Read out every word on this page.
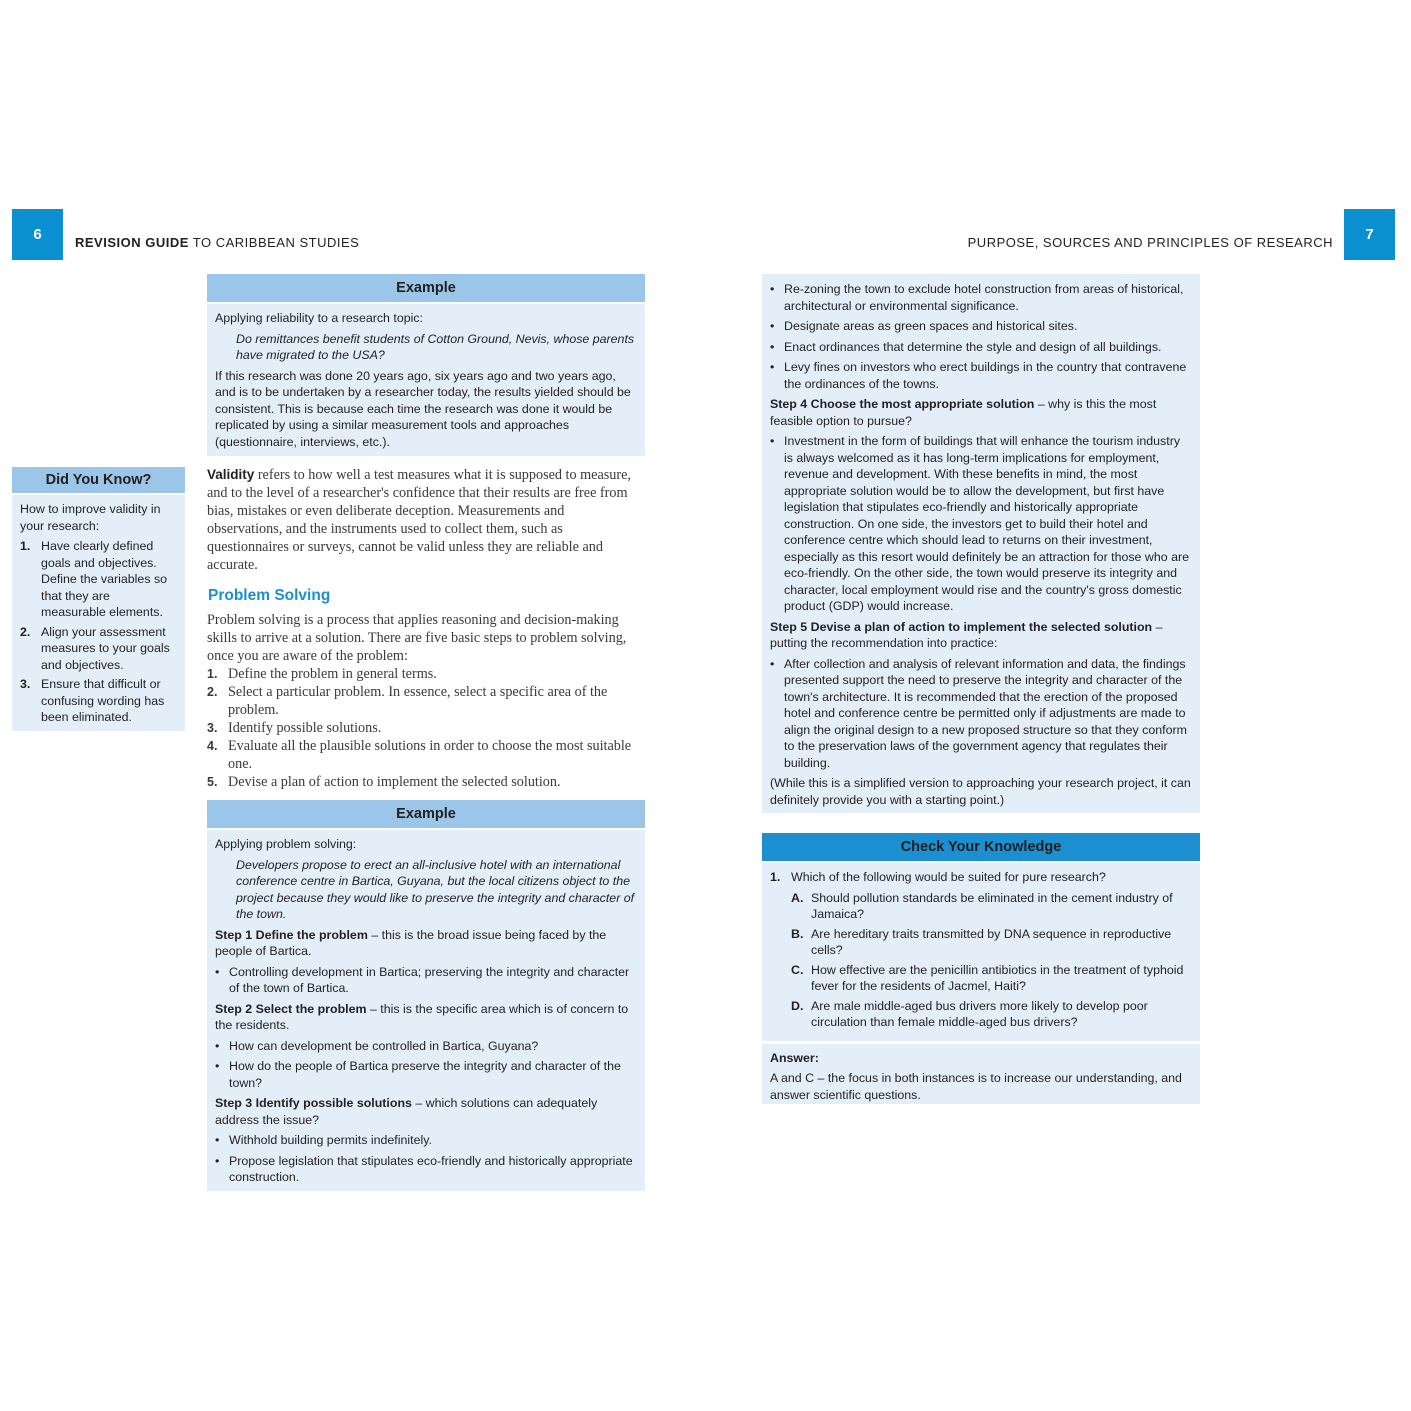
6	REVISION GUIDE TO CARIBBEAN STUDIES	PURPOSE, SOURCES AND PRINCIPLES OF RESEARCH	7
Example

Applying reliability to a research topic:

Do remittances benefit students of Cotton Ground, Nevis, whose parents have migrated to the USA?

If this research was done 20 years ago, six years ago and two years ago, and is to be undertaken by a researcher today, the results yielded should be consistent. This is because each time the research was done it would be replicated by using a similar measurement tools and approaches (questionnaire, interviews, etc.).

Did You Know?

How to improve validity in your research:

1. Have clearly defined goals and objectives. Define the variables so that they are measurable elements.
2. Align your assessment measures to your goals and objectives.
3. Ensure that difficult or confusing wording has been eliminated.

Validity refers to how well a test measures what it is supposed to measure, and to the level of a researcher's confidence that their results are free from bias, mistakes or even deliberate deception. Measurements and observations, and the instruments used to collect them, such as questionnaires or surveys, cannot be valid unless they are reliable and accurate.

Problem Solving

Problem solving is a process that applies reasoning and decision-making skills to arrive at a solution. There are five basic steps to problem solving, once you are aware of the problem:

1. Define the problem in general terms.
2. Select a particular problem. In essence, select a specific area of the problem.
3. Identify possible solutions.
4. Evaluate all the plausible solutions in order to choose the most suitable one.
5. Devise a plan of action to implement the selected solution.
Example

Applying problem solving:

Developers propose to erect an all-inclusive hotel with an international conference centre in Bartica, Guyana, but the local citizens object to the project because they would like to preserve the integrity and character of the town.

Step 1 Define the problem – this is the broad issue being faced by the people of Bartica.

• Controlling development in Bartica; preserving the integrity and character of the town of Bartica.

Step 2 Select the problem – this is the specific area which is of concern to the residents.

• How can development be controlled in Bartica, Guyana?
• How do the people of Bartica preserve the integrity and character of the town?

Step 3 Identify possible solutions – which solutions can adequately address the issue?

• Withhold building permits indefinitely.
• Propose legislation that stipulates eco-friendly and historically appropriate construction.
• Re-zoning the town to exclude hotel construction from areas of historical, architectural or environmental significance.
• Designate areas as green spaces and historical sites.
• Enact ordinances that determine the style and design of all buildings.
• Levy fines on investors who erect buildings in the country that contravene the ordinances of the towns.

Step 4 Choose the most appropriate solution – why is this the most feasible option to pursue?

• Investment in the form of buildings that will enhance the tourism industry is always welcomed as it has long-term implications for employment, revenue and development. With these benefits in mind, the most appropriate solution would be to allow the development, but first have legislation that stipulates eco-friendly and historically appropriate construction. On one side, the investors get to build their hotel and conference centre which should lead to returns on their investment, especially as this resort would definitely be an attraction for those who are eco-friendly. On the other side, the town would preserve its integrity and character, local employment would rise and the country's gross domestic product (GDP) would increase.

Step 5 Devise a plan of action to implement the selected solution – putting the recommendation into practice:

• After collection and analysis of relevant information and data, the findings presented support the need to preserve the integrity and character of the town's architecture. It is recommended that the erection of the proposed hotel and conference centre be permitted only if adjustments are made to align the original design to a new proposed structure so that they conform to the preservation laws of the government agency that regulates their building.

(While this is a simplified version to approaching your research project, it can definitely provide you with a starting point.)

Check Your Knowledge
1. Which of the following would be suited for pure research?
A. Should pollution standards be eliminated in the cement industry of Jamaica?
B. Are hereditary traits transmitted by DNA sequence in reproductive cells?
C. How effective are the penicillin antibiotics in the treatment of typhoid fever for the residents of Jacmel, Haiti?
D. Are male middle-aged bus drivers more likely to develop poor circulation than female middle-aged bus drivers?

Answer:

A and C – the focus in both instances is to increase our understanding, and answer scientific questions.
